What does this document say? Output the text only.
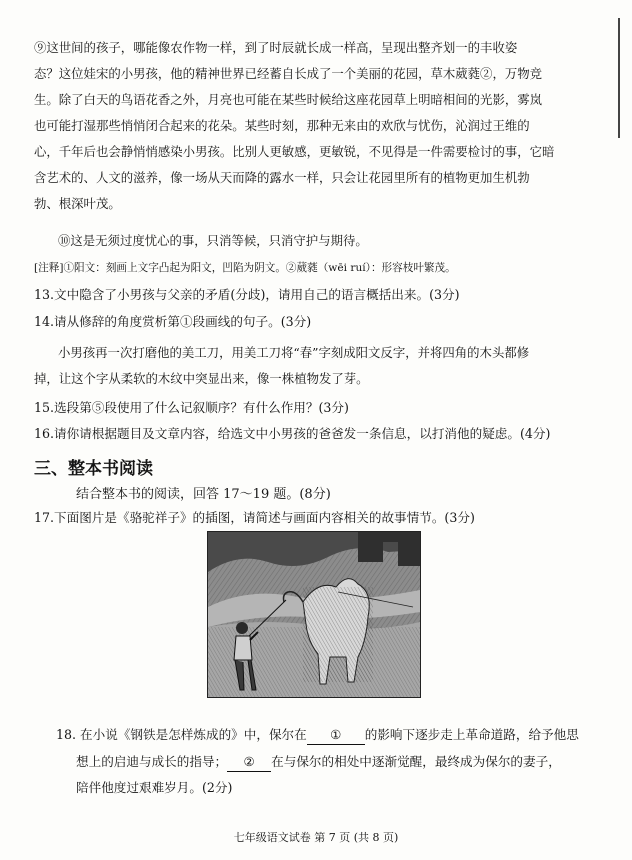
⑨这世间的孩子，哪能像农作物一样，到了时辰就长成一样高，呈现出整齐划一的丰收姿
态？这位娃宋的小男孩，他的精神世界已经蓄自长成了一个美丽的花园，草木葳蕤②，万物竞
生。除了白天的鸟语花香之外，月亮也可能在某些时候给这座花园草上明暗相间的光影，雾岚
也可能打湿那些悄悄闭合起来的花朵。某些时刻，那种无来由的欢欣与忧伤，沁润过王维的
心，千年后也会静悄悄感染小男孩。比别人更敏感，更敏锐，不见得是一件需要检讨的事，它暗
含艺术的、人文的滋养，像一场从天而降的露水一样，只会让花园里所有的植物更加生机勃
勃、根深叶茂。
⑩这是无须过度忧心的事，只消等候，只消守护与期待。
[注释]①阳文：刻画上文字凸起为阳文，凹陷为阴文。②葳蕤（wēi ruí）：形容枝叶繁茂。
13.文中隐含了小男孩与父亲的矛盾(分歧)，请用自己的语言概括出来。(3分)
14.请从修辞的角度赏析第①段画线的句子。(3分)
小男孩再一次打磨他的美工刀，用美工刀将“春”字刻成阳文反字，并将四角的木头都修
掉，让这个字从柔软的木纹中突显出来，像一株植物发了芽。
15.选段第⑤段使用了什么记叙顺序？有什么作用？(3分)
16.请你请根据题目及文章内容，给选文中小男孩的爸爸发一条信息，以打消他的疑虑。(4分)
三、整本书阅读
结合整本书的阅读，回答 17～19 题。(8分)
17.下面图片是《骆驼祥子》的插图，请简述与画面内容相关的故事情节。(3分)
18. 在小说《钢铁是怎样炼成的》中，保尔在 ① 的影响下逐步走上革命道路，给予他思
想上的启迪与成长的指导； ② 在与保尔的相处中逐渐觉醒，最终成为保尔的妻子，
陪伴他度过艰难岁月。(2分)
七年级语文试卷 第 7 页 (共 8 页)
